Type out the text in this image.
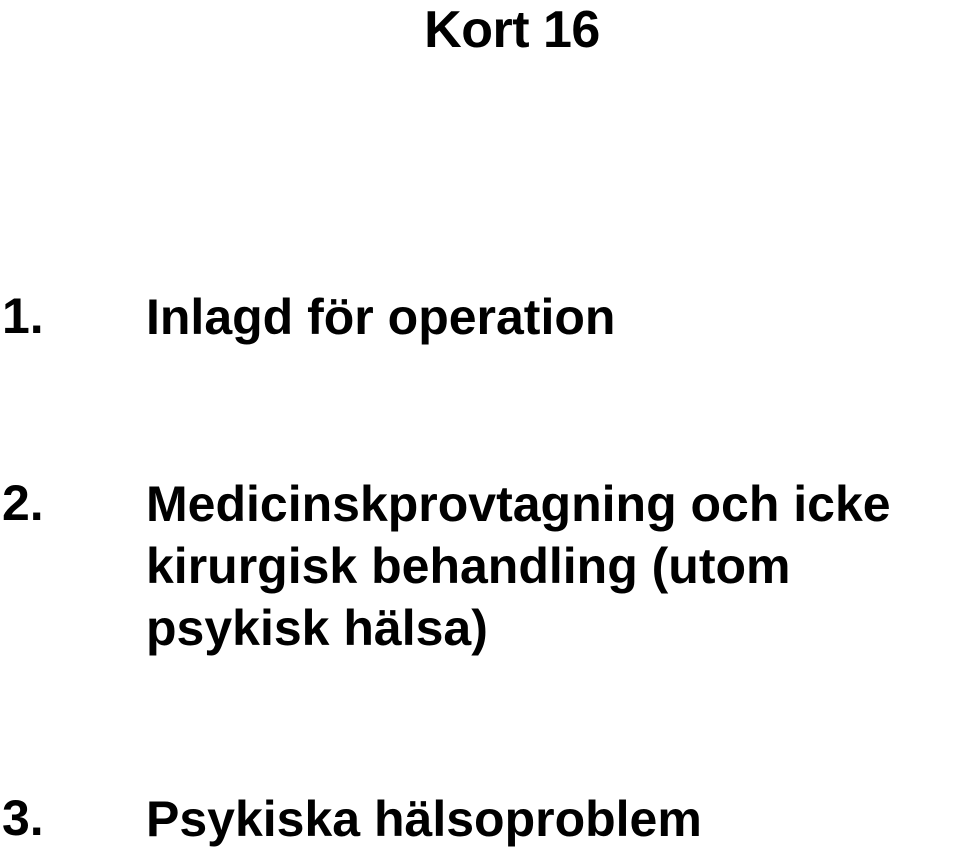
Kort 16
1. Inlagd för operation
2. Medicinskprovtagning och icke
kirurgisk behandling (utom
psykisk hälsa)
3. Psykiska hälsoproblem
